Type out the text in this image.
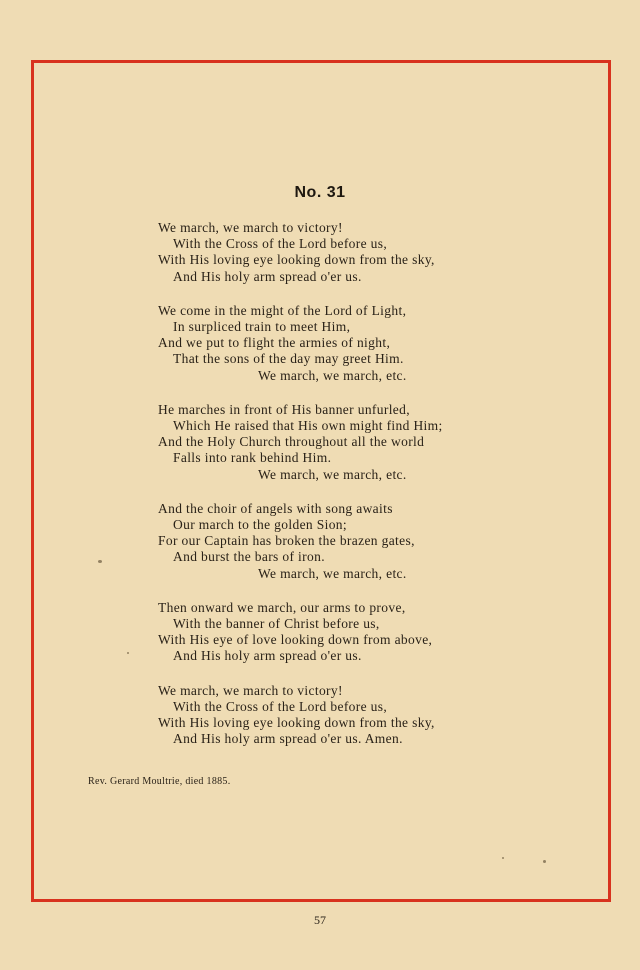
No. 31
We march, we march to victory!
With the Cross of the Lord before us,
With His loving eye looking down from the sky,
And His holy arm spread o'er us.
We come in the might of the Lord of Light,
In surpliced train to meet Him,
And we put to flight the armies of night,
That the sons of the day may greet Him.
We march, we march, etc.
He marches in front of His banner unfurled,
Which He raised that His own might find Him;
And the Holy Church throughout all the world
Falls into rank behind Him.
We march, we march, etc.
And the choir of angels with song awaits
Our march to the golden Sion;
For our Captain has broken the brazen gates,
And burst the bars of iron.
We march, we march, etc.
Then onward we march, our arms to prove,
With the banner of Christ before us,
With His eye of love looking down from above,
And His holy arm spread o'er us.
We march, we march to victory!
With the Cross of the Lord before us,
With His loving eye looking down from the sky,
And His holy arm spread o'er us. Amen.
Rev. Gerard Moultrie, died 1885.
57
